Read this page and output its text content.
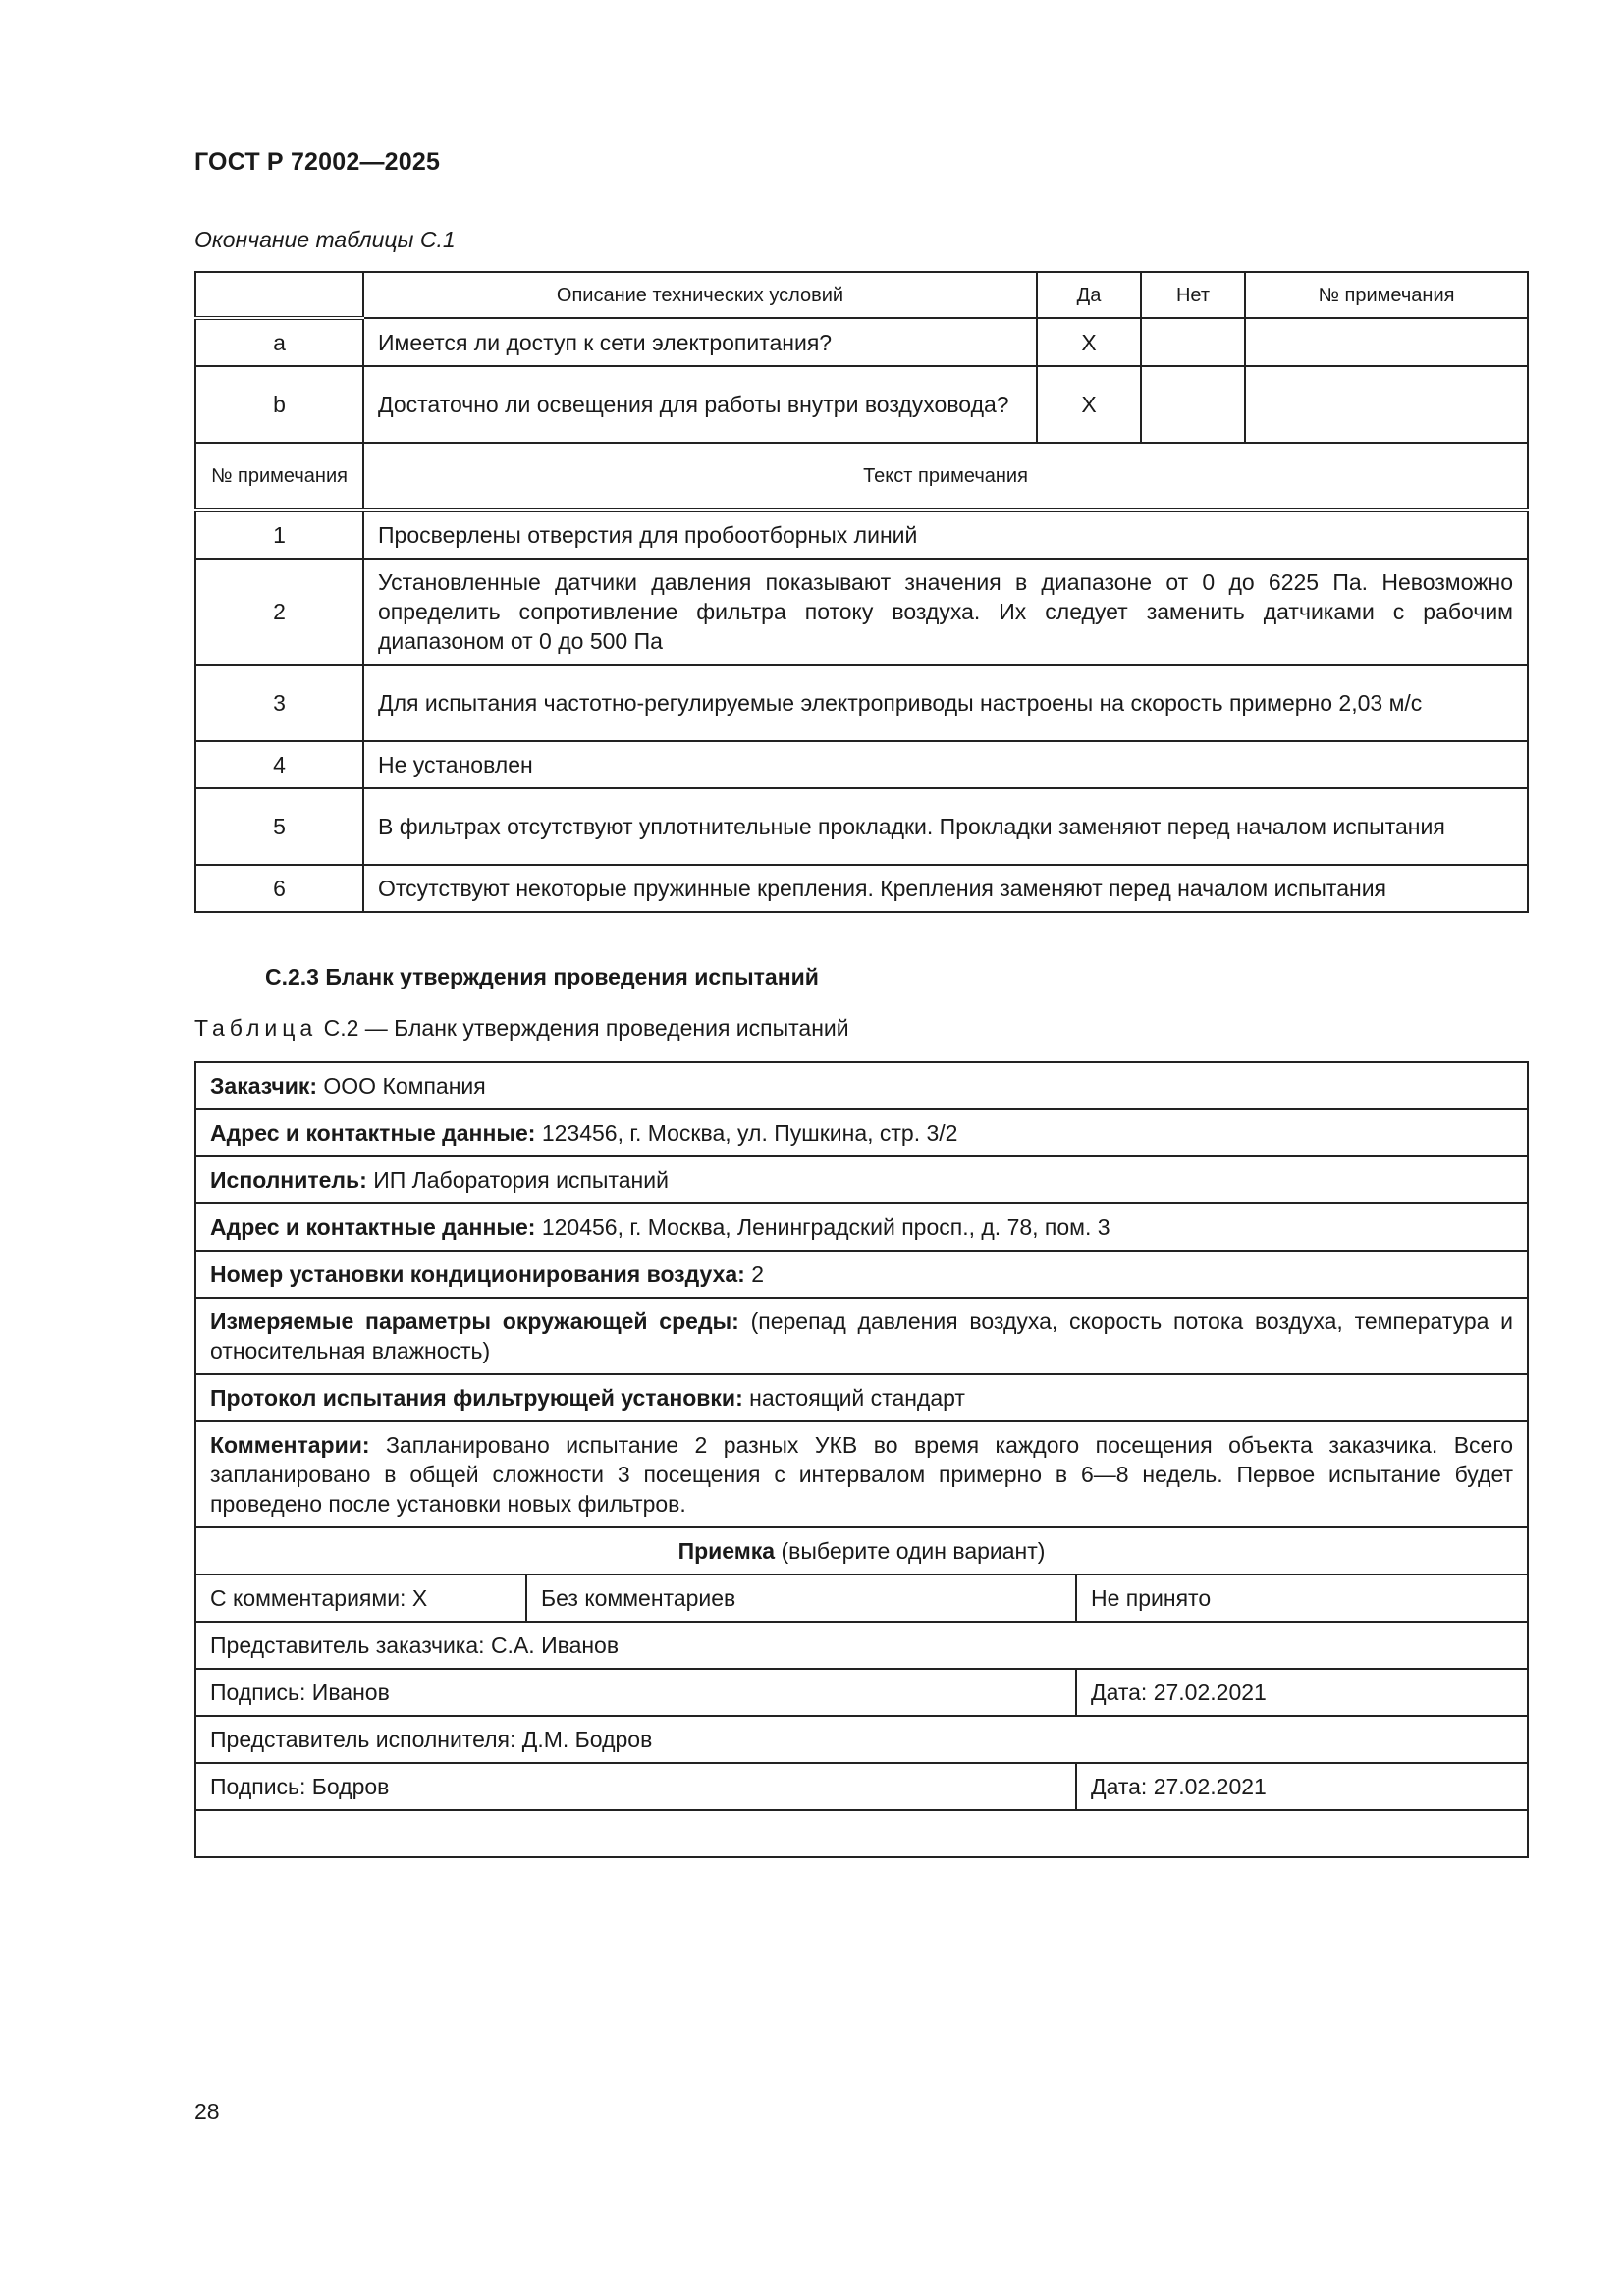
ГОСТ Р 72002—2025
Окончание таблицы С.1
	Описание технических условий	Да	Нет	№ примечания
a	Имеется ли доступ к сети электропитания?	X		
b	Достаточно ли освещения для работы внутри воздуховода?	X		
№ примечания	Текст примечания			
1	Просверлены отверстия для пробоотборных линий			
2	Установленные датчики давления показывают значения в диапазоне от 0 до 6225 Па. Невозможно определить сопротивление фильтра потоку воздуха. Их следует заменить датчиками с рабочим диапазоном от 0 до 500 Па			
3	Для испытания частотно-регулируемые электроприводы настроены на скорость примерно 2,03 м/с			
4	Не установлен			
5	В фильтрах отсутствуют уплотнительные прокладки. Прокладки заменяют перед началом испытания			
6	Отсутствуют некоторые пружинные крепления. Крепления заменяют перед началом испытания			
С.2.3 Бланк утверждения проведения испытаний
Таблица С.2 — Бланк утверждения проведения испытаний
Заказчик: ООО Компания		
Адрес и контактные данные: 123456, г. Москва, ул. Пушкина, стр. 3/2		
Исполнитель: ИП Лаборатория испытаний		
Адрес и контактные данные: 120456, г. Москва, Ленинградский просп., д. 78, пом. 3		
Номер установки кондиционирования воздуха: 2		
Измеряемые параметры окружающей среды: (перепад давления воздуха, скорость потока воздуха, температура и относительная влажность)		
Протокол испытания фильтрующей установки: настоящий стандарт		
Комментарии: Запланировано испытание 2 разных УКВ во время каждого посещения объекта заказчика. Всего запланировано в общей сложности 3 посещения с интервалом примерно в 6—8 недель. Первое испытание будет проведено после установки новых фильтров.		
Приемка (выберите один вариант)		
С комментариями: X	Без комментариев	Не принято
Представитель заказчика: С.А. Иванов		
Подпись: Иванов		Дата: 27.02.2021
Представитель исполнителя: Д.М. Бодров		
Подпись: Бодров		Дата: 27.02.2021

28
